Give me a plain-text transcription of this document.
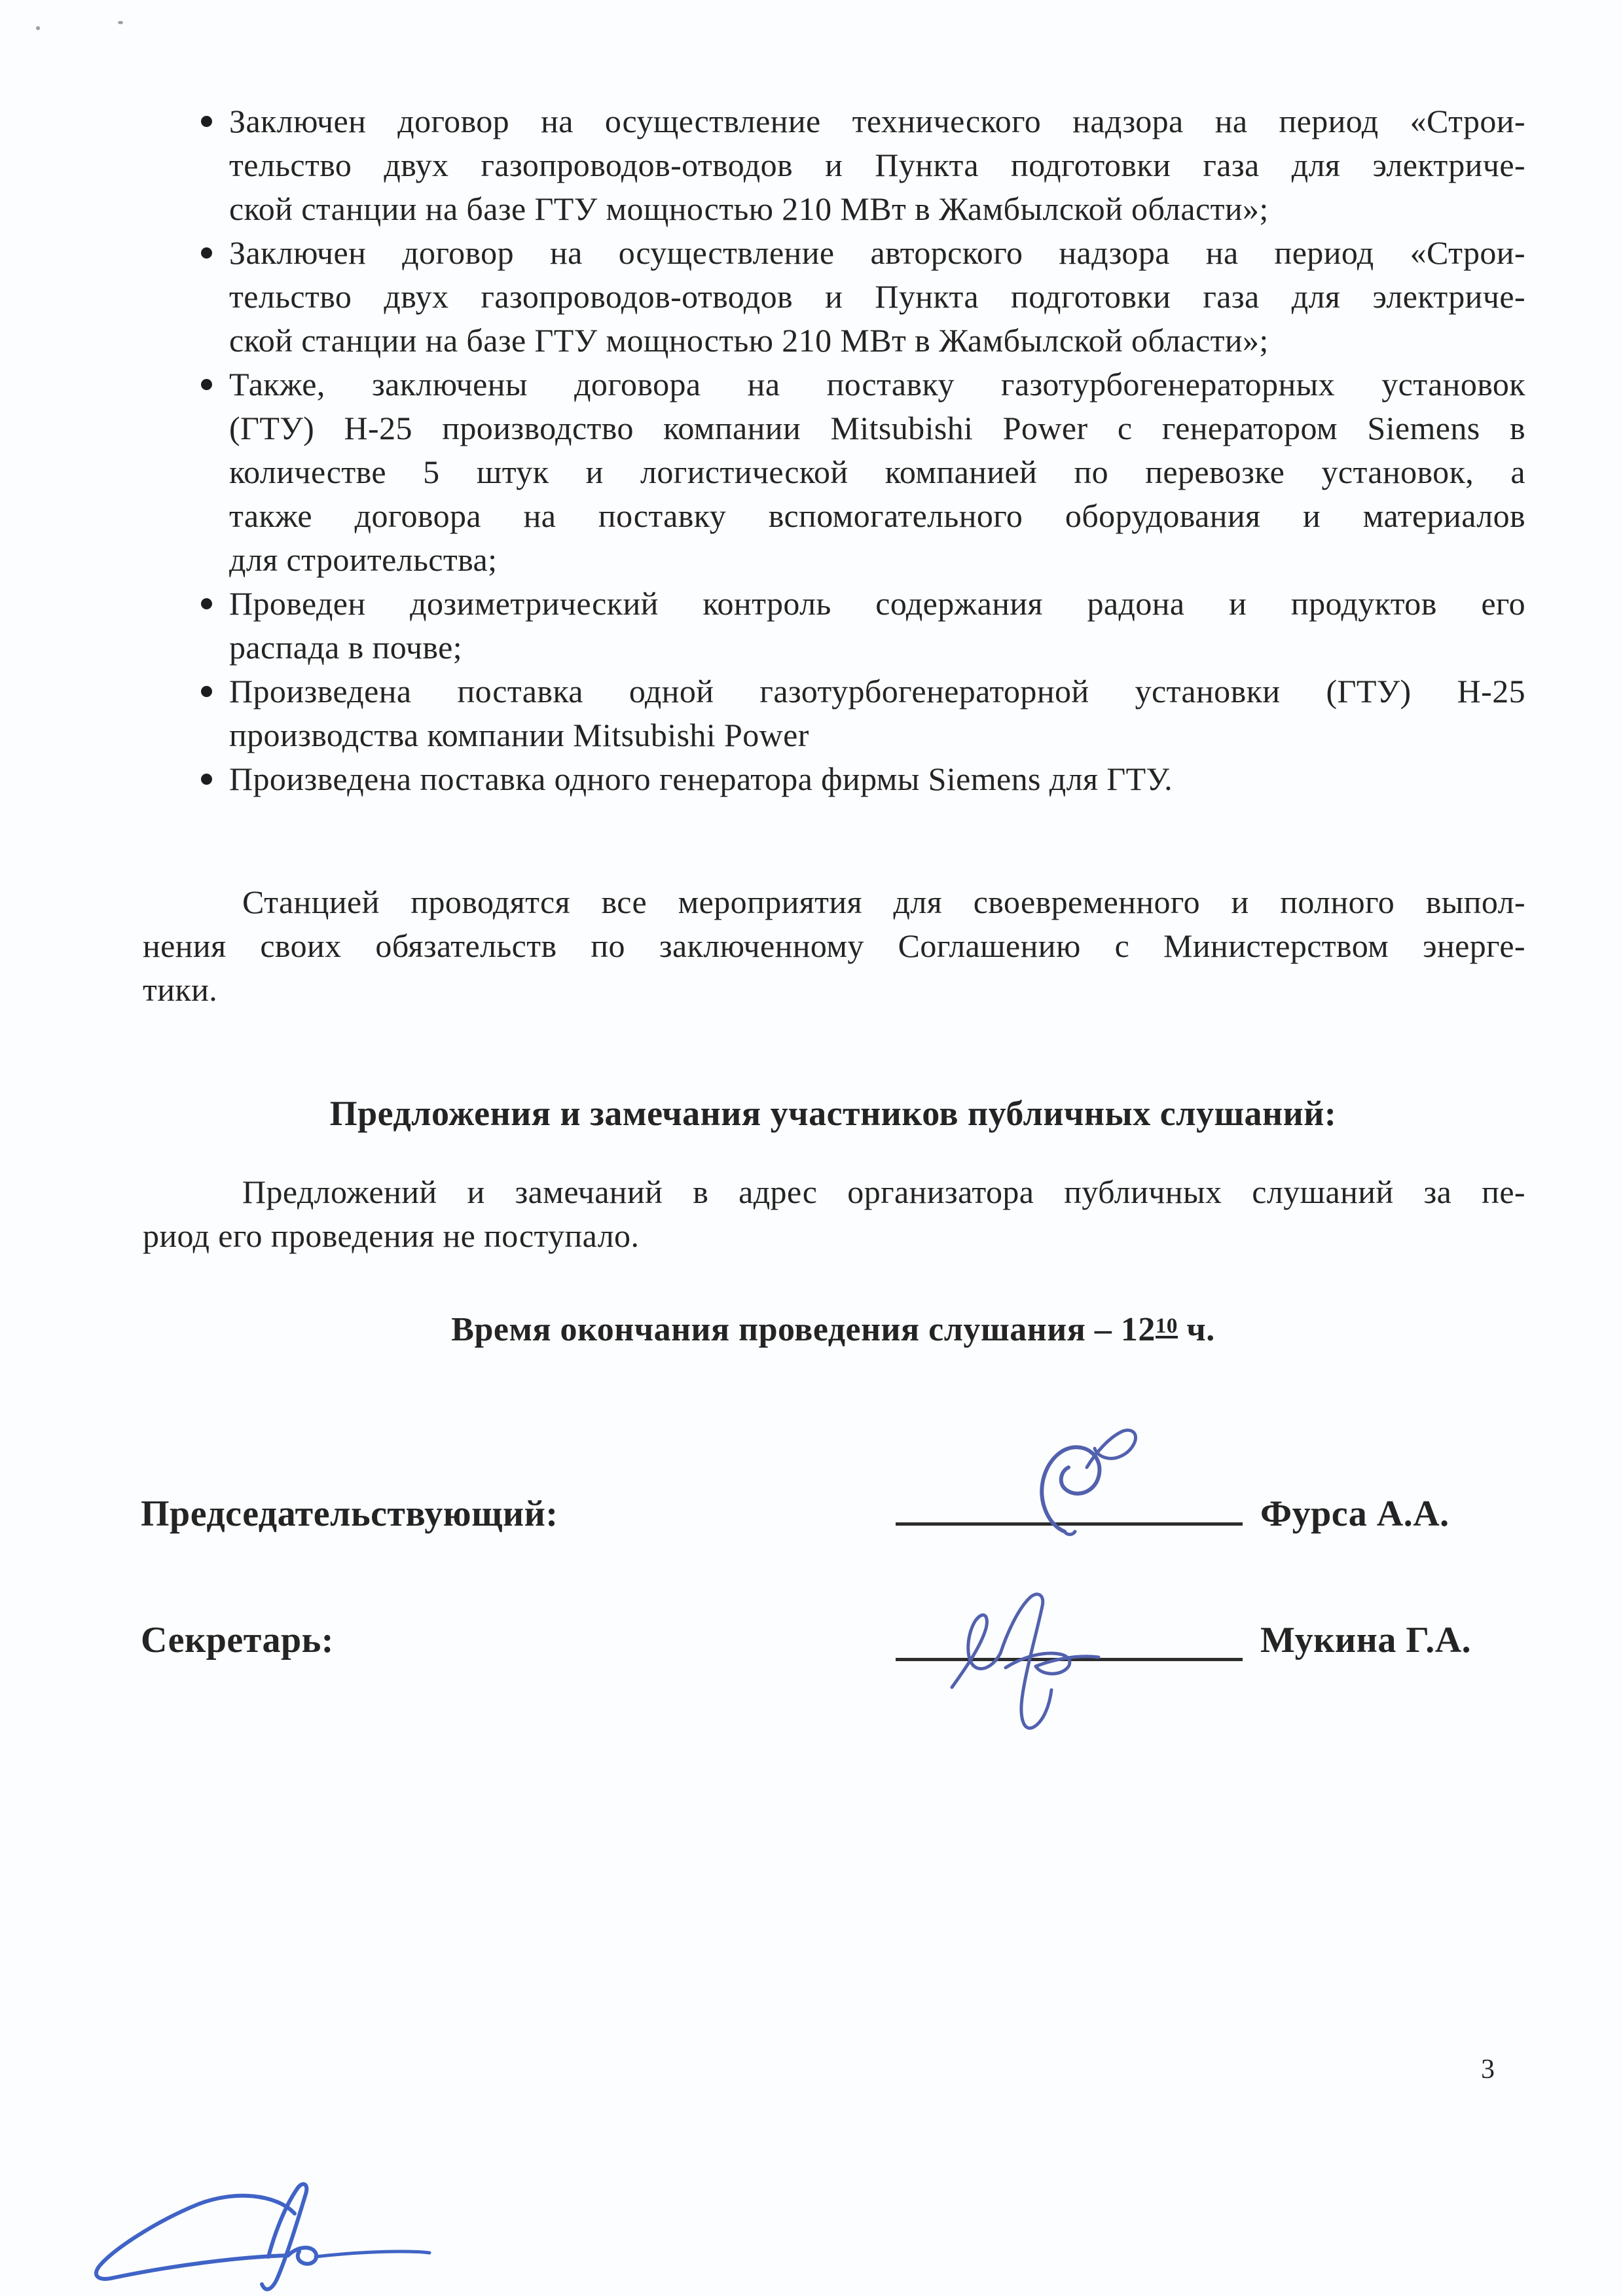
Заключен договор на осуществление технического надзора на период «Строи-
тельство двух газопроводов-отводов и Пункта подготовки газа для электриче-
ской станции на базе ГТУ мощностью 210 МВт в Жамбылской области»;
Заключен договор на осуществление авторского надзора на период «Строи-
тельство двух газопроводов-отводов и Пункта подготовки газа для электриче-
ской станции на базе ГТУ мощностью 210 МВт в Жамбылской области»;
Также, заключены договора на поставку газотурбогенераторных установок
(ГТУ) Н-25 производство компании Mitsubishi Power с генератором Siemens в
количестве 5 штук и логистической компанией по перевозке установок, а
также договора на поставку вспомогательного оборудования и материалов
для строительства;
Проведен дозиметрический контроль содержания радона и продуктов его
распада в почве;
Произведена поставка одной газотурбогенераторной установки (ГТУ) Н-25
производства компании Mitsubishi Power
Произведена поставка одного генератора фирмы Siemens для ГТУ.
Станцией проводятся все мероприятия для своевременного и полного выпол-
нения своих обязательств по заключенному Соглашению с Министерством энерге-
тики.
Предложения и замечания участников публичных слушаний:
Предложений и замечаний в адрес организатора публичных слушаний за пе-
риод его проведения не поступало.
Время окончания проведения слушания – 1210 ч.
Председательствующий:	Фурса А.А.
Секретарь:	Мукина Г.А.
3
